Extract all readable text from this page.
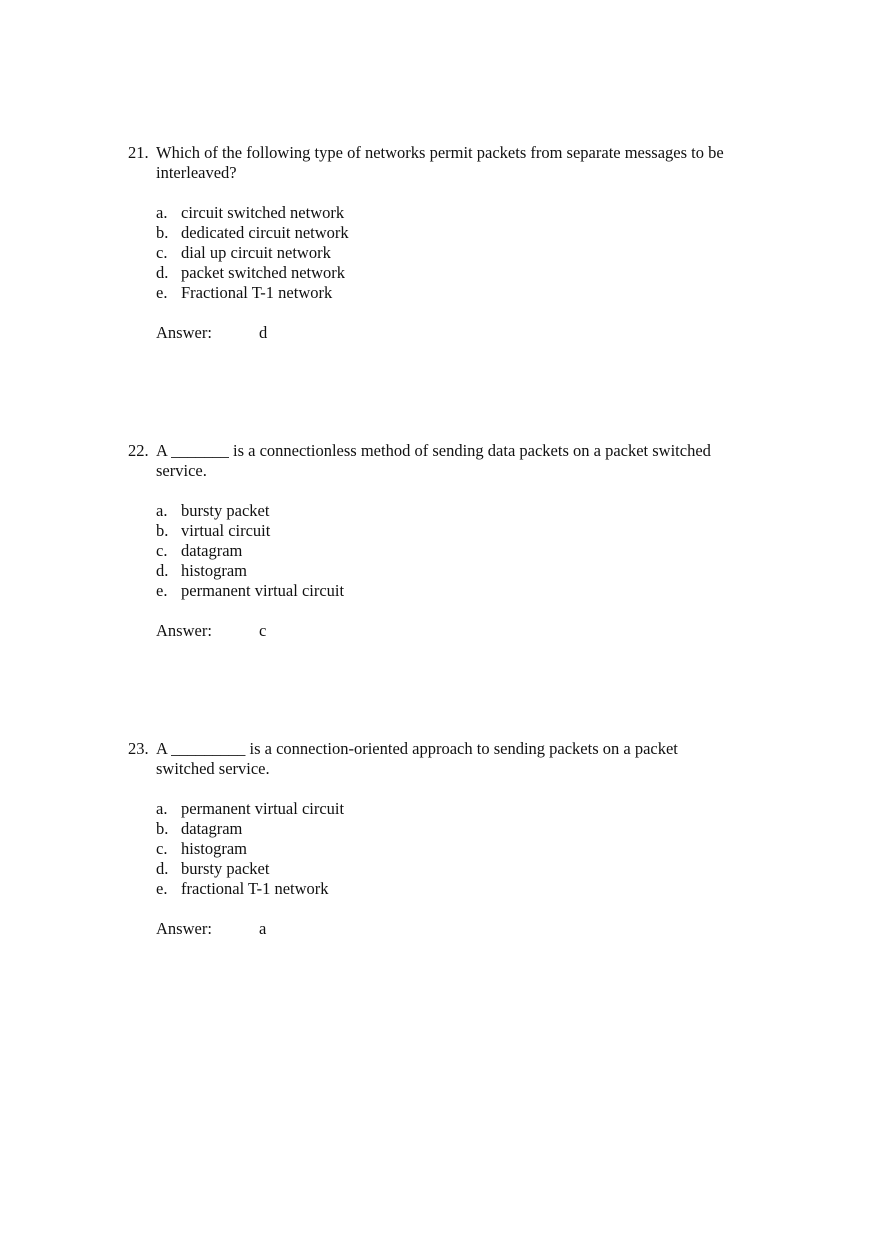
21. Which of the following type of networks permit packets from separate messages to be
interleaved?
a. circuit switched network
b. dedicated circuit network
c. dial up circuit network
d. packet switched network
e. Fractional T-1 network
Answer:	d
22. A _______ is a connectionless method of sending data packets on a packet switched
service.
a. bursty packet
b. virtual circuit
c. datagram
d. histogram
e. permanent virtual circuit
Answer:	c
23. A _________ is a connection-oriented approach to sending packets on a packet
switched service.
a. permanent virtual circuit
b. datagram
c. histogram
d. bursty packet
e. fractional T-1 network
Answer:	a
